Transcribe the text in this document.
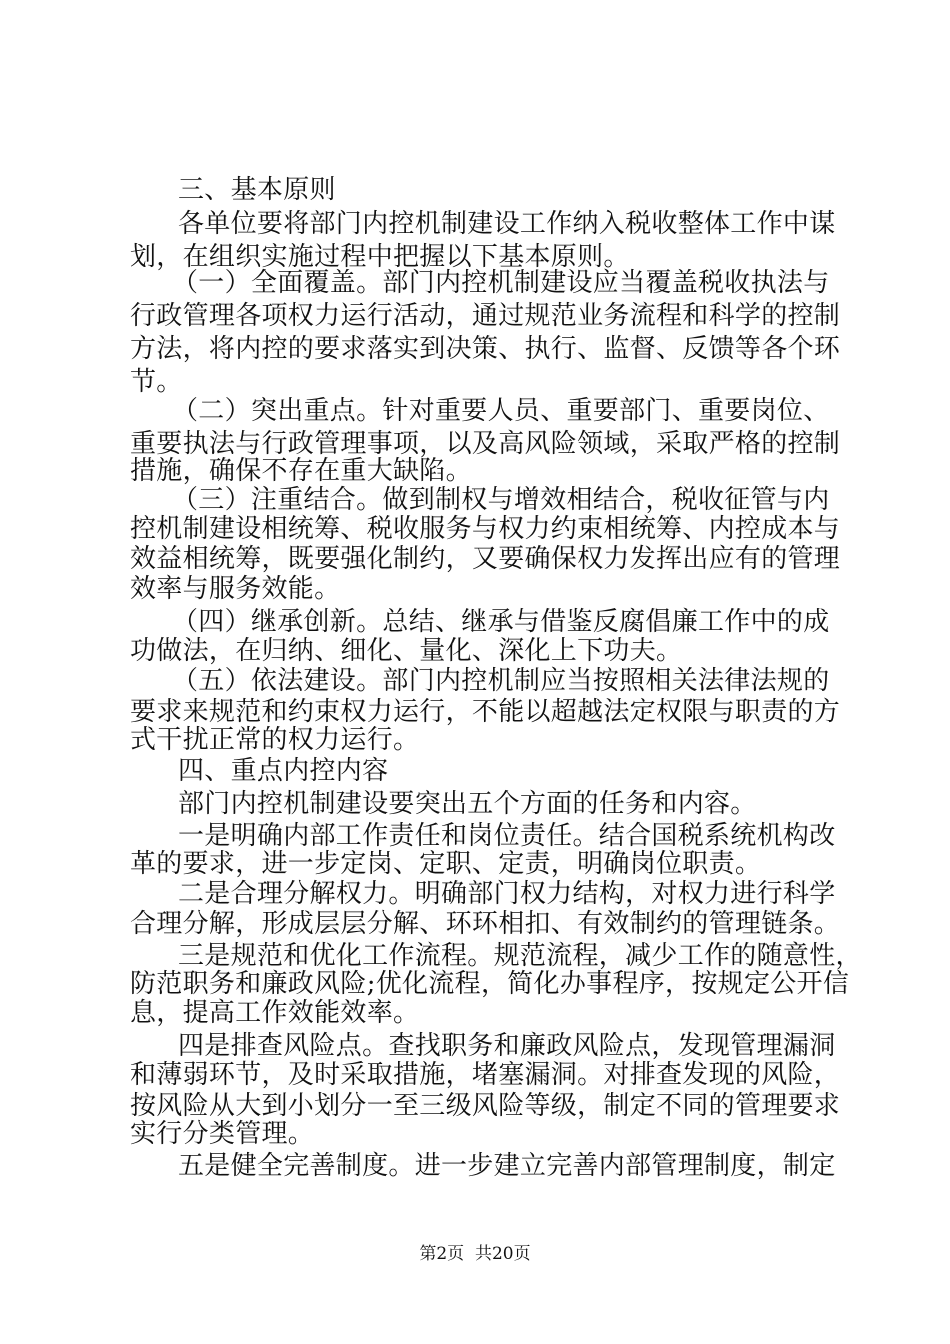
三、基本原则
各单位要将部门内控机制建设工作纳入税收整体工作中谋
划，在组织实施过程中把握以下基本原则。
（一）全面覆盖。部门内控机制建设应当覆盖税收执法与
行政管理各项权力运行活动，通过规范业务流程和科学的控制
方法，将内控的要求落实到决策、执行、监督、反馈等各个环
节。
（二）突出重点。针对重要人员、重要部门、重要岗位、
重要执法与行政管理事项，以及高风险领域，采取严格的控制
措施，确保不存在重大缺陷。
（三）注重结合。做到制权与增效相结合，税收征管与内
控机制建设相统筹、税收服务与权力约束相统筹、内控成本与
效益相统筹，既要强化制约，又要确保权力发挥出应有的管理
效率与服务效能。
（四）继承创新。总结、继承与借鉴反腐倡廉工作中的成
功做法，在归纳、细化、量化、深化上下功夫。
（五）依法建设。部门内控机制应当按照相关法律法规的
要求来规范和约束权力运行，不能以超越法定权限与职责的方
式干扰正常的权力运行。
四、重点内控内容
部门内控机制建设要突出五个方面的任务和内容。
一是明确内部工作责任和岗位责任。结合国税系统机构改
革的要求，进一步定岗、定职、定责，明确岗位职责。
二是合理分解权力。明确部门权力结构，对权力进行科学
合理分解，形成层层分解、环环相扣、有效制约的管理链条。
三是规范和优化工作流程。规范流程，减少工作的随意性，
防范职务和廉政风险;优化流程，简化办事程序，按规定公开信
息，提高工作效能效率。
四是排查风险点。查找职务和廉政风险点，发现管理漏洞
和薄弱环节，及时采取措施，堵塞漏洞。对排查发现的风险，
按风险从大到小划分一至三级风险等级，制定不同的管理要求
实行分类管理。
五是健全完善制度。进一步建立完善内部管理制度，制定
第2页  共20页
